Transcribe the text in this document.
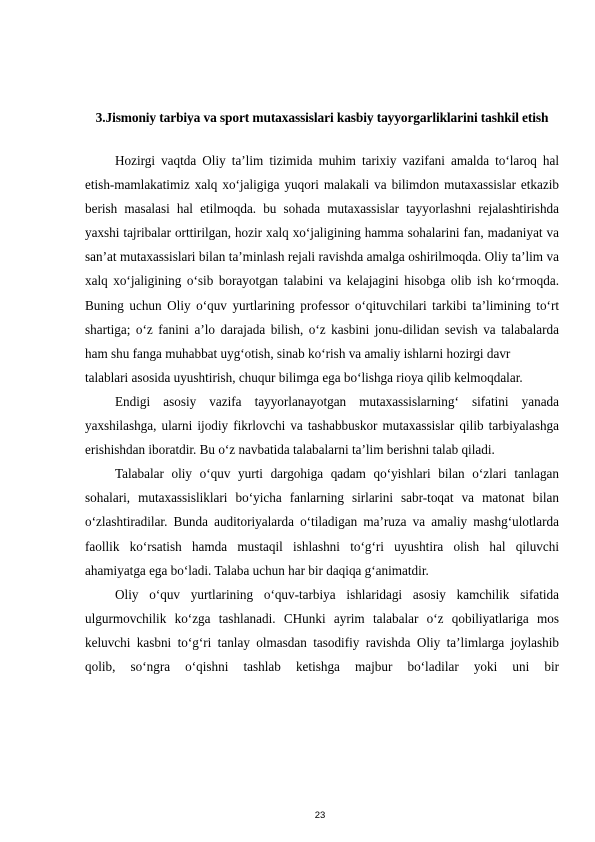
3.Jismoniy tarbiya va sport mutaxassislari kasbiy tayyorgarliklarini tashkil etish

Hozirgi vaqtda Oliy ta’lim tizimida muhim tarixiy vazifani amalda to‘laroq hal etish-mamlakatimiz xalq xo‘jaligiga yuqori malakali va bilimdon mutaxassislar etkazib berish masalasi hal etilmoqda. bu sohada mutaxassislar tayyorlashni rejalashtirishda yaxshi tajribalar orttirilgan, hozir xalq xo‘jaligining hamma sohalarini fan, madaniyat va san’at mutaxassislari bilan ta’minlash rejali ravishda amalga oshirilmoqda. Oliy ta’lim va xalq xo‘jaligining o‘sib borayotgan talabini va kelajagini hisobga olib ish ko‘rmoqda. Buning uchun Oliy o‘quv yurtlarining professor o‘qituvchilari tarkibi ta’limining to‘rt shartiga; o‘z fanini a’lo darajada bilish, o‘z kasbini jonu-dilidan sevish va talabalarda ham shu fanga muhabbat uyg‘otish, sinab ko‘rish va amaliy ishlarni hozirgi davr

talablari asosida uyushtirish, chuqur bilimga ega bo‘lishga rioya qilib kelmoqdalar.

Endigi asosiy vazifa tayyorlanayotgan mutaxassislarning‘ sifatini yanada yaxshilashga, ularni ijodiy fikrlovchi va tashabbuskor mutaxassislar qilib tarbiyalashga erishishdan iboratdir. Bu o‘z navbatida talabalarni ta’lim berishni talab qiladi.

Talabalar oliy o‘quv yurti dargohiga qadam qo‘yishlari bilan o‘zlari tanlagan sohalari, mutaxassisliklari bo‘yicha fanlarning sirlarini sabr-toqat va matonat bilan o‘zlashtiradilar. Bunda auditoriyalarda o‘tiladigan ma’ruza va amaliy mashg‘ulotlarda faollik ko‘rsatish hamda mustaqil ishlashni to‘g‘ri uyushtira olish hal qiluvchi ahamiyatga ega bo‘ladi. Talaba uchun har bir daqiqa g‘animatdir.

Oliy o‘quv yurtlarining o‘quv-tarbiya ishlaridagi asosiy kamchilik sifatida ulgurmovchilik ko‘zga tashlanadi. CHunki ayrim talabalar o‘z qobiliyatlariga mos keluvchi kasbni to‘g‘ri tanlay olmasdan tasodifiy ravishda Oliy ta’limlarga joylashib qolib, so‘ngra o‘qishni tashlab ketishga majbur bo‘ladilar yoki uni bir

23
